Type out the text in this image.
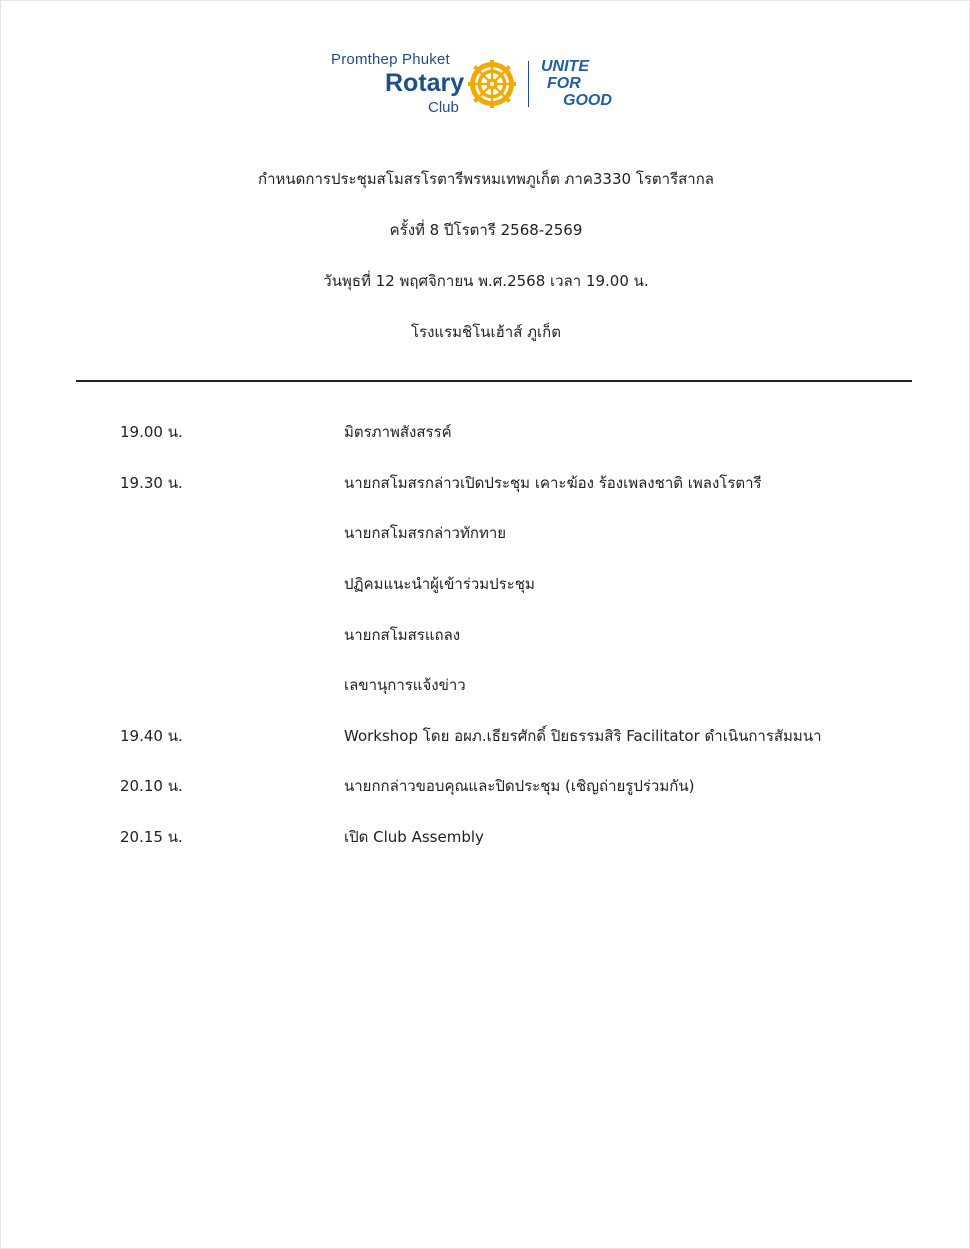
Promthep Phuket
Rotary
Club
UNITE
FOR
GOOD
กำหนดการประชุมสโมสรโรตารีพรหมเทพภูเก็ต ภาค3330 โรตารีสากล
ครั้งที่ 8 ปีโรตารี 2568-2569
วันพุธที่ 12 พฤศจิกายน พ.ศ.2568 เวลา 19.00 น.
โรงแรมชิโนเฮ้าส์ ภูเก็ต
19.00 น.	มิตรภาพสังสรรค์
19.30 น.	นายกสโมสรกล่าวเปิดประชุม เคาะฆ้อง ร้องเพลงชาติ เพลงโรตารี
นายกสโมสรกล่าวทักทาย
ปฏิคมแนะนำผู้เข้าร่วมประชุม
นายกสโมสรแถลง
เลขานุการแจ้งข่าว
19.40 น.	Workshop โดย อผภ.เธียรศักดิ์ ปิยธรรมสิริ Facilitator ดำเนินการสัมมนา
20.10 น.	นายกกล่าวขอบคุณและปิดประชุม (เชิญถ่ายรูปร่วมกัน)
20.15 น.	เปิด Club Assembly
